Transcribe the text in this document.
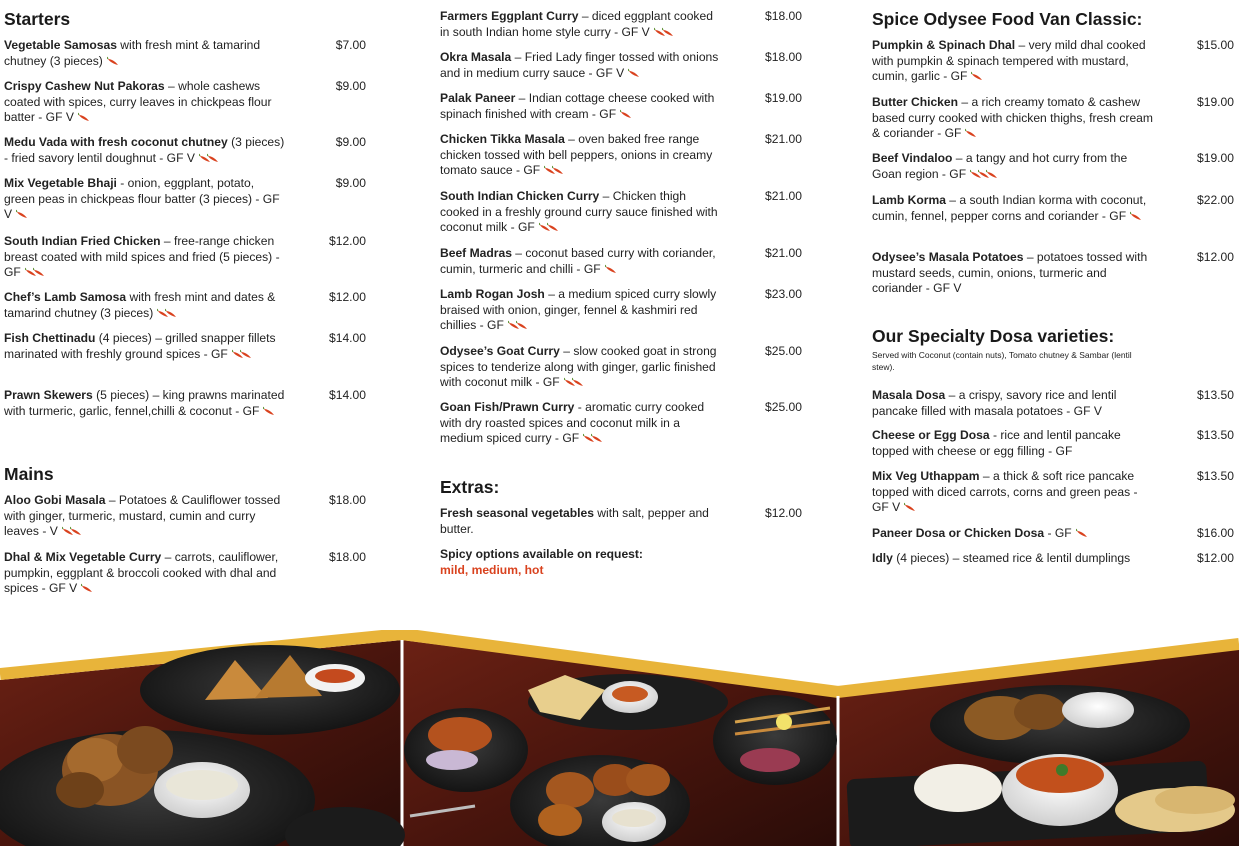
Starters
Vegetable Samosas with fresh mint & tamarind chutney (3 pieces)
$7.00
Crispy Cashew Nut Pakoras – whole cashews coated with spices, curry leaves in chickpeas flour batter - GF V
$9.00
Medu Vada with fresh coconut chutney (3 pieces) - fried savory lentil doughnut - GF V
$9.00
Mix Vegetable Bhaji - onion, eggplant, potato, green peas in chickpeas flour batter (3 pieces) - GF V
$9.00
South Indian Fried Chicken – free-range chicken breast coated with mild spices and fried (5 pieces) - GF
$12.00
Chef’s Lamb Samosa with fresh mint and dates & tamarind chutney (3 pieces)
$12.00
Fish Chettinadu (4 pieces) – grilled snapper fillets marinated with freshly ground spices - GF
$14.00
Prawn Skewers (5 pieces) – king prawns marinated with turmeric, garlic, fennel,chilli & coconut - GF
$14.00
Mains
Aloo Gobi Masala – Potatoes & Cauliflower tossed with ginger, turmeric, mustard, cumin and curry leaves - V
$18.00
Dhal & Mix Vegetable Curry – carrots, cauliflower, pumpkin, eggplant & broccoli cooked with dhal and spices - GF V
$18.00
Farmers Eggplant Curry – diced eggplant cooked in south Indian home style curry - GF V
$18.00
Okra Masala – Fried Lady finger tossed with onions and in medium curry sauce - GF V
$18.00
Palak Paneer – Indian cottage cheese cooked with spinach finished with cream - GF
$19.00
Chicken Tikka Masala – oven baked free range chicken tossed with bell peppers, onions in creamy tomato sauce - GF
$21.00
South Indian Chicken Curry – Chicken thigh cooked in a freshly ground curry sauce finished with coconut milk - GF
$21.00
Beef Madras – coconut based curry with coriander, cumin, turmeric and chilli - GF
$21.00
Lamb Rogan Josh – a medium spiced curry slowly braised with onion, ginger, fennel & kashmiri red chillies - GF
$23.00
Odysee’s Goat Curry – slow cooked goat in strong spices to tenderize along with ginger, garlic finished with coconut milk - GF
$25.00
Goan Fish/Prawn Curry - aromatic curry cooked with dry roasted spices and coconut milk in a medium spiced curry - GF
$25.00
Extras:
Fresh seasonal vegetables with salt, pepper and butter.
$12.00
Spicy options available on request:
mild, medium, hot
Spice Odysee Food Van Classic:
Pumpkin & Spinach Dhal – very mild dhal cooked with pumpkin & spinach tempered with mustard, cumin, garlic - GF
$15.00
Butter Chicken – a rich creamy tomato & cashew based curry cooked with chicken thighs, fresh cream & coriander - GF
$19.00
Beef Vindaloo – a tangy and hot curry from the Goan region - GF
$19.00
Lamb Korma – a south Indian korma with coconut, cumin, fennel, pepper corns and coriander - GF
$22.00
Odysee’s Masala Potatoes – potatoes tossed with mustard seeds, cumin, onions, turmeric and coriander - GF V
$12.00
Our Specialty Dosa varieties:
Served with Coconut (contain nuts), Tomato chutney & Sambar (lentil stew).
Masala Dosa – a crispy, savory rice and lentil pancake filled with masala potatoes - GF V
$13.50
Cheese or Egg Dosa - rice and lentil pancake topped with cheese or egg filling - GF
$13.50
Mix Veg Uthappam – a thick & soft rice pancake topped with diced carrots, corns and green peas - GF V
$13.50
Paneer Dosa or Chicken Dosa - GF	$16.00
Idly (4 pieces) – steamed rice & lentil dumplings	$12.00
